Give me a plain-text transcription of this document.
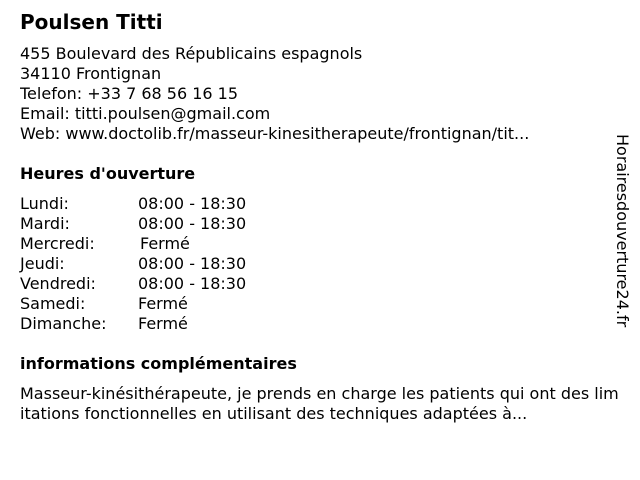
Poulsen Titti
455 Boulevard des Républicains espagnols
34110 Frontignan
Telefon: +33 7 68 56 16 15
Email: titti.poulsen@gmail.com
Web: www.doctolib.fr/masseur-kinesitherapeute/frontignan/tit...
Heures d'ouverture
Lundi:	08:00 - 18:30
Mardi:	08:00 - 18:30
Mercredi:	Fermé
Jeudi:	08:00 - 18:30
Vendredi:	08:00 - 18:30
Samedi:	Fermé
Dimanche: Fermé
informations complémentaires

Masseur-kinésithérapeute, je prends en charge les patients qui ont des limitations fonctionnelles en utilisant des techniques adaptées à...

Horairesdouverture24.fr
